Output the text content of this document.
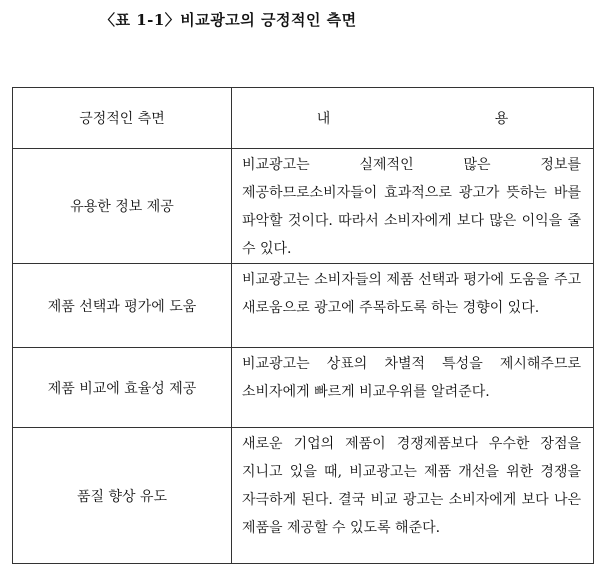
〈표 1-1〉비교광고의 긍정적인 측면
긍정적인 측면	내 용
유용한 정보 제공	비교광고는 실제적인 많은 정보를 제공하므로소비자들이 효과적으로 광고가 뜻하는 바를 파악할 것이다. 따라서 소비자에게 보다 많은 이익을 줄 수 있다.
제품 선택과 평가에 도움	비교광고는 소비자들의 제품 선택과 평가에 도움을 주고 새로움으로 광고에 주목하도록 하는 경향이 있다.
제품 비교에 효율성 제공	비교광고는 상표의 차별적 특성을 제시해주므로 소비자에게 빠르게 비교우위를 알려준다.
품질 향상 유도	새로운 기업의 제품이 경쟁제품보다 우수한 장점을 지니고 있을 때, 비교광고는 제품 개선을 위한 경쟁을 자극하게 된다. 결국 비교 광고는 소비자에게 보다 나은 제품을 제공할 수 있도록 해준다.
